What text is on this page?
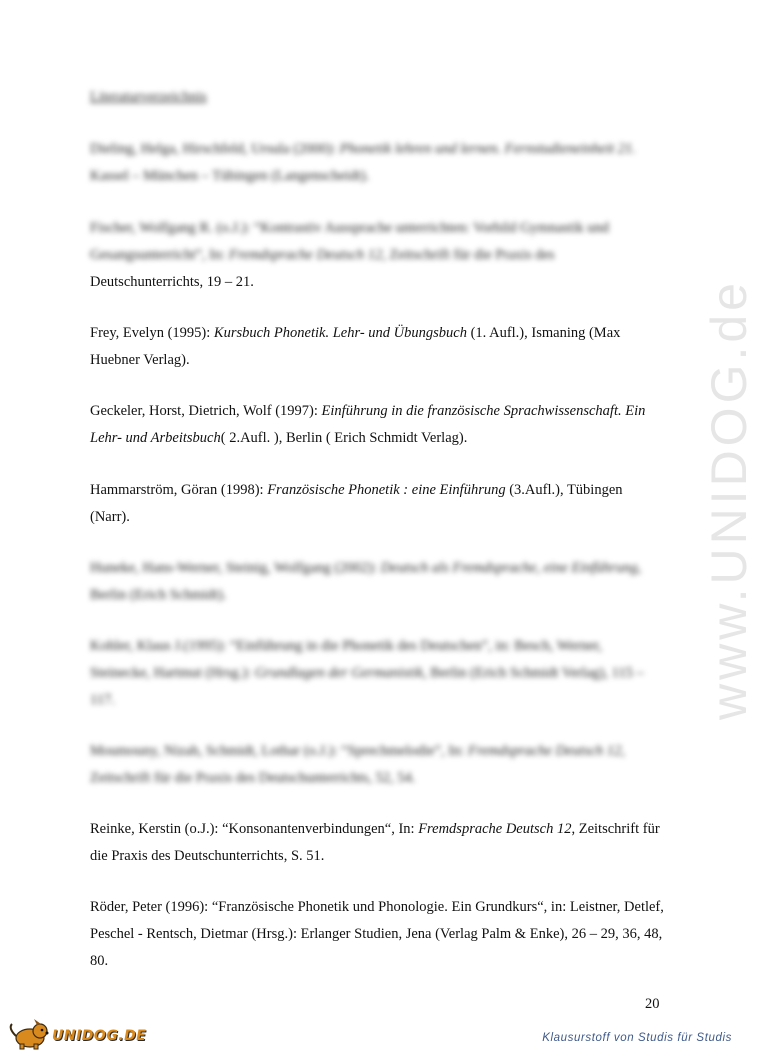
www.UNIDOG.de
Literaturverzeichnis
Dieling, Helga, Hirschfeld, Ursula (2000): Phonetik lehren und lernen. Fernstudieneinheit 21. Kassel – München – Tübingen (Langenscheidt).
Fischer, Wolfgang R. (o.J.): “Kontrastiv Aussprache unterrichten: Vorbild Gymnastik und Gesangsunterricht”, In: Fremdsprache Deutsch 12, Zeitschrift für die Praxis des
Deutschunterrichts, 19 – 21.
Frey, Evelyn (1995): Kursbuch Phonetik. Lehr- und Übungsbuch (1. Aufl.), Ismaning (Max Huebner Verlag).
Geckeler, Horst, Dietrich, Wolf (1997): Einführung in die französische Sprachwissenschaft. Ein Lehr- und Arbeitsbuch( 2.Aufl. ), Berlin ( Erich Schmidt Verlag).
Hammarström, Göran (1998): Französische Phonetik : eine Einführung (3.Aufl.), Tübingen (Narr).
Huneke, Hans-Werner, Steinig, Wolfgang (2002): Deutsch als Fremdsprache, eine Einführung, Berlin (Erich Schmidt).
Kohler, Klaus J.(1995): “Einführung in die Phonetik des Deutschen”, in: Besch, Werner, Steinecke, Hartmut (Hrsg.): Grundlagen der Germanistik, Berlin (Erich Schmidt Verlag), 115 – 117.
Moumouny, Nizah, Schmidt, Lothar (o.J.): “Sprechmelodie”, In: Fremdsprache Deutsch 12, Zeitschrift für die Praxis des Deutschunterrichts, 52, 54.
Reinke, Kerstin (o.J.): “Konsonantenverbindungen“, In: Fremdsprache Deutsch 12, Zeitschrift für die Praxis des Deutschunterrichts, S. 51.
Röder, Peter (1996): “Französische Phonetik und Phonologie. Ein Grundkurs“, in: Leistner, Detlef, Peschel - Rentsch, Dietmar (Hrsg.): Erlanger Studien, Jena (Verlag Palm & Enke), 26 – 29, 36, 48, 80.
20
UNIDOG.DE	Klausurstoff von Studis für Studis
